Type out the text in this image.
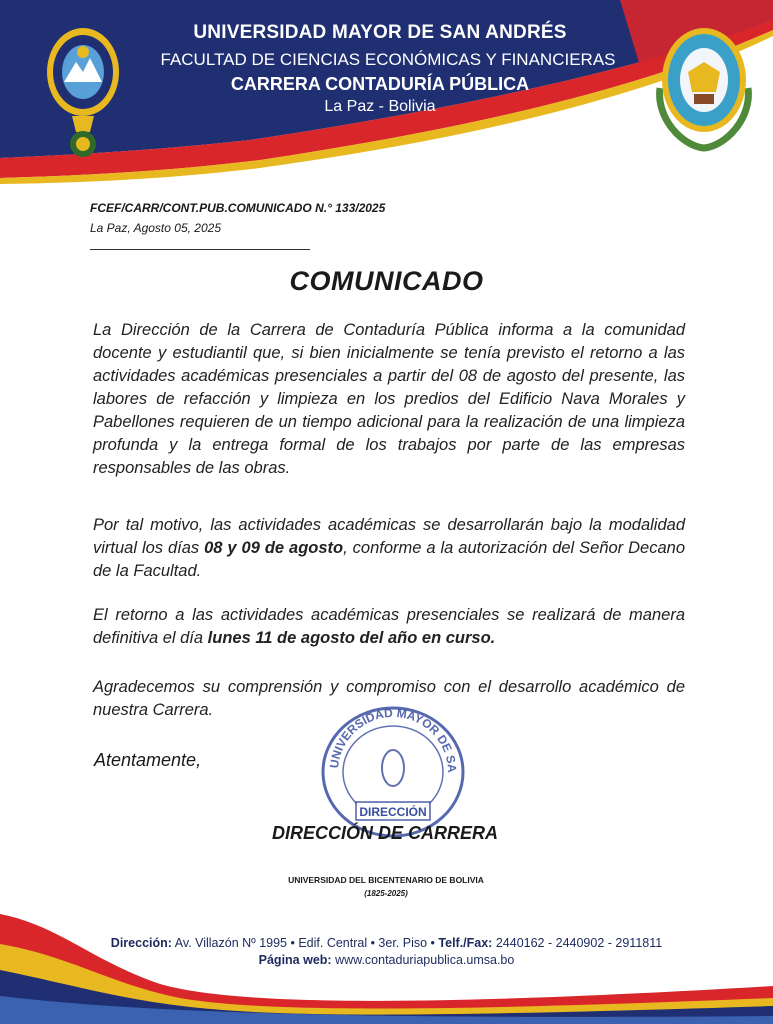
UNIVERSIDAD MAYOR DE SAN ANDRÉS
FACULTAD DE CIENCIAS ECONÓMICAS Y FINANCIERAS
CARRERA CONTADURÍA PÚBLICA
La Paz - Bolivia
FCEF/CARR/CONT.PUB.COMUNICADO N.° 133/2025
La Paz, Agosto 05, 2025
COMUNICADO
La Dirección de la Carrera de Contaduría Pública informa a la comunidad docente y estudiantil que, si bien inicialmente se tenía previsto el retorno a las actividades académicas presenciales a partir del 08 de agosto del presente, las labores de refacción y limpieza en los predios del Edificio Nava Morales y Pabellones requieren de un tiempo adicional para la realización de una limpieza profunda y la entrega formal de los trabajos por parte de las empresas responsables de las obras.
Por tal motivo, las actividades académicas se desarrollarán bajo la modalidad virtual los días 08 y 09 de agosto, conforme a la autorización del Señor Decano de la Facultad.
El retorno a las actividades académicas presenciales se realizará de manera definitiva el día lunes 11 de agosto del año en curso.
Agradecemos su comprensión y compromiso con el desarrollo académico de nuestra Carrera.
Atentamente,	UNIVERSIDAD MAYOR DE SA
DIRECCIÓN
DIRECCIÓN DE CARRERA
UNIVERSIDAD DEL BICENTENARIO DE BOLIVIA
(1825-2025)
Dirección: Av. Villazón Nº 1995 • Edif. Central • 3er. Piso • Telf./Fax: 2440162 - 2440902 - 2911811
Página web: www.contaduriapublica.umsa.bo
